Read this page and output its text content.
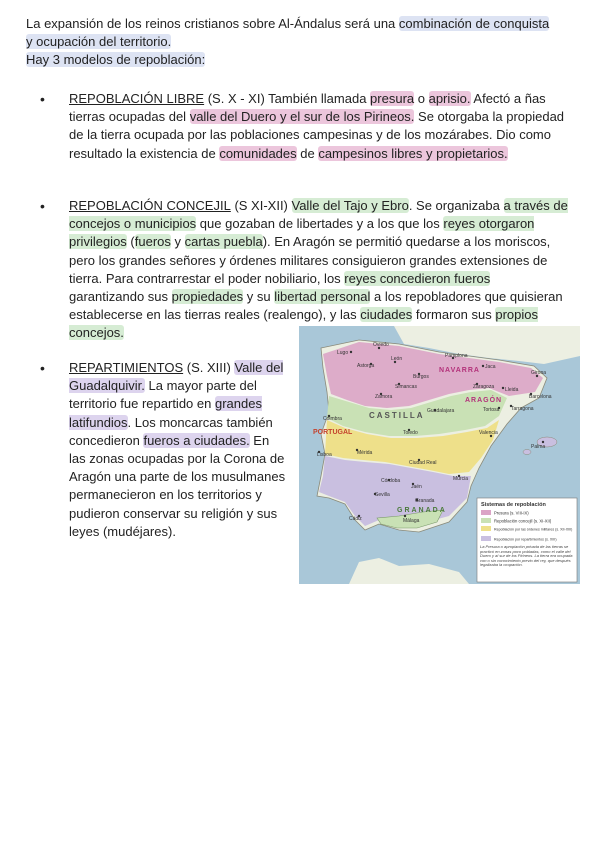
La expansión de los reinos cristianos sobre Al-Ándalus será una combinación de conquista

y ocupación del territorio.

Hay 3 modelos de repoblación:

• REPOBLACIÓN LIBRE (S. X - XI) También llamada presura o aprisio. Afectó a ñas tierras ocupadas del valle del Duero y el sur de los Pirineos. Se otorgaba la propiedad de la tierra ocupada por las poblaciones campesinas y de los mozárabes. Dio como resultado la existencia de comunidades de campesinos libres y propietarios.

• REPOBLACIÓN CONCEJIL (S XI-XII) Valle del Tajo y Ebro. Se organizaba a través de concejos o municipios que gozaban de libertades y a los que los reyes otorgaron privilegios (fueros y cartas puebla). En Aragón se permitió quedarse a los moriscos, pero los grandes señores y órdenes militares consiguieron grandes extensiones de tierra. Para contrarrestar el poder nobiliario, los reyes concedieron fueros garantizando sus propiedades y su libertad personal a los repobladores que quisieran establecerse en las tierras reales (realengo), y las ciudades formaron sus propios concejos.

• REPARTIMIENTOS (S. XIII) Valle del Guadalquivir. La mayor parte del territorio fue repartido en grandes latifundios. Los moncarcas también concedieron fueros a ciudades. En las zonas ocupadas por la Corona de Aragón una parte de los musulmanes permanecieron en los territorios y pudieron conservar su religión y sus leyes (mudéjares).

Sistemas de repoblación
Presura (s. VIII-IX)
Repoblación concejil (s. XI-XII)
Repoblación por las órdenes militares (s. XII-XIII)
Repoblación por repartimientos (s. XIII)
La Presura o apropiación privada de las tierras se practicó en zonas poco pobladas, como el valle del Duero y al sur de los Pirineos. La tierra era ocupada con o sin conocimiento previo del rey, que después legalizaba la ocupación.
NAVARRA
ARAGÓN
CASTILLA
PORTUGAL
GRANADA
Lugo
Oviedo
Pamplona
Astorga
León
Jaca
Girona
Burgos
Simancas	Zaragoza Lleida
Barcelona
Zamora
Coimbra
Guadalajara	Tortosa Tarragona
Toledo	Valencia
Lisboa	Mérida
Ciudad Real
Palma
Córdoba
Jaén
Murcia
Sevilla
Granada
Cádiz	Málaga
